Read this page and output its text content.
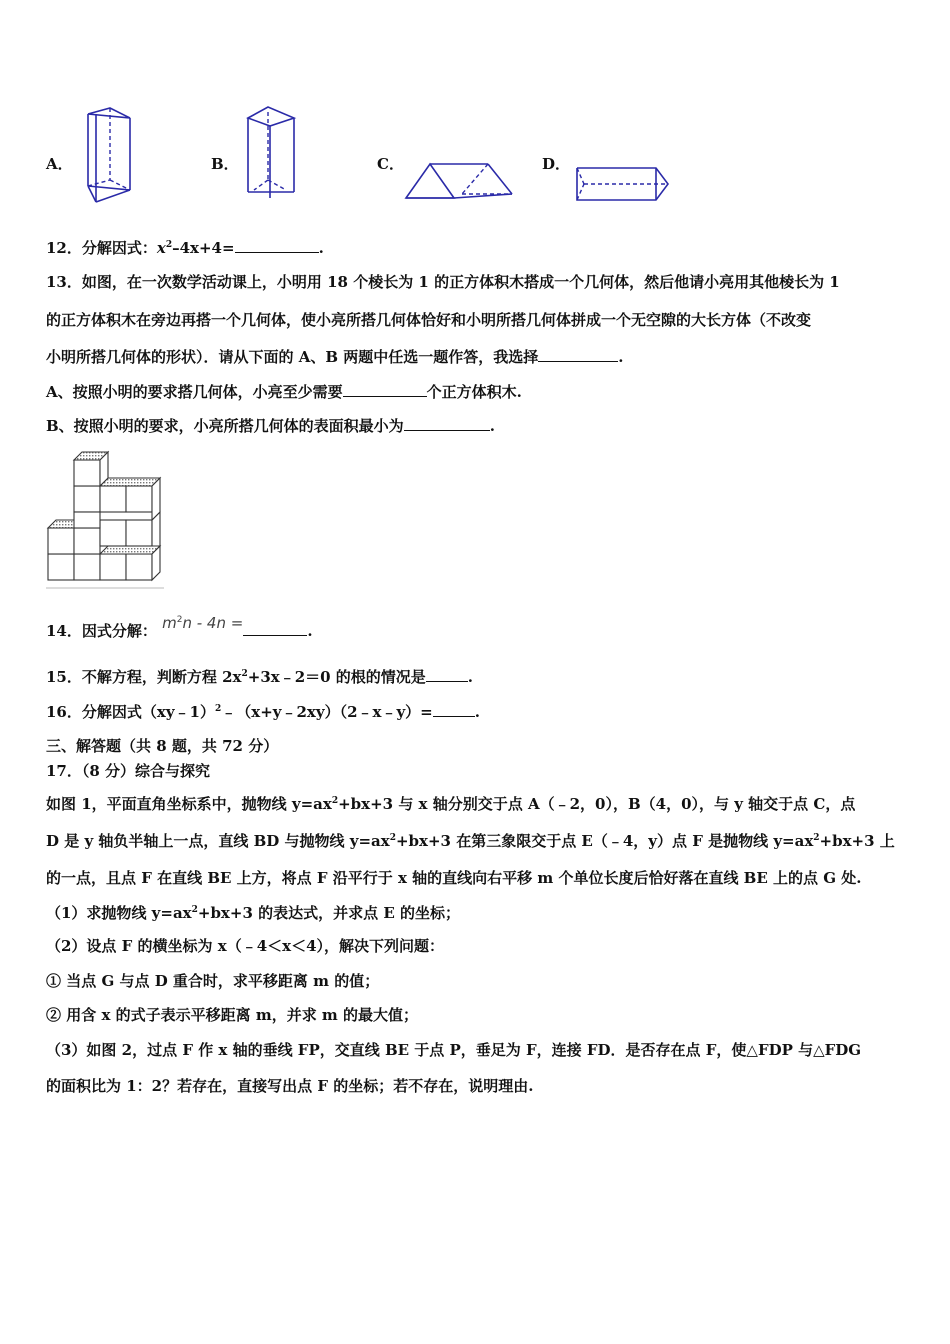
A．	B．	C．	D．
12．分解因式：$x^2-4x+4=$	.
13．如图，在一次数学活动课上，小明用 18 个棱长为 1 的正方体积木搭成一个几何体，然后他请小亮用其他棱长为 1
的正方体积木在旁边再搭一个几何体，使小亮所搭几何体恰好和小明所搭几何体拼成一个无空隙的大长方体（不改变
小明所搭几何体的形状）．请从下面的 A、B 两题中任选一题作答，我选择	.
A、按照小明的要求搭几何体，小亮至少需要	个正方体积木.
B、按照小明的要求，小亮所搭几何体的表面积最小为	.
14．因式分解： $m^2n - 4n$ =	.
15．不解方程，判断方程 $2x^2+3x﹣2=0$ 的根的情况是	.
16．分解因式（xy﹣1）$^2$﹣（x+y﹣2xy）（2﹣x﹣y）=	.
三、解答题（共 8 题，共 72 分）
17．（8 分）综合与探究
如图 1，平面直角坐标系中，抛物线 $y=ax^2+bx+3$ 与 x 轴分别交于点 A（﹣2，0），B（4，0），与 y 轴交于点 C，点
D 是 y 轴负半轴上一点，直线 BD 与抛物线 $y=ax^2+bx+3$ 在第三象限交于点 E（﹣4，y）点 F 是抛物线 $y=ax^2+bx+3$ 上
的一点，且点 F 在直线 BE 上方，将点 F 沿平行于 x 轴的直线向右平移 m 个单位长度后恰好落在直线 BE 上的点 G 处.
（1）求抛物线 $y=ax^2+bx+3$ 的表达式，并求点 E 的坐标；
（2）设点 F 的横坐标为 x（﹣4＜x＜4），解决下列问题：
① 当点 G 与点 D 重合时，求平移距离 m 的值；
② 用含 x 的式子表示平移距离 m，并求 m 的最大值；
（3）如图 2，过点 F 作 x 轴的垂线 FP，交直线 BE 于点 P，垂足为 F，连接 FD．是否存在点 F，使△FDP 与△FDG
的面积比为 1：2？若存在，直接写出点 F 的坐标；若不存在，说明理由.
